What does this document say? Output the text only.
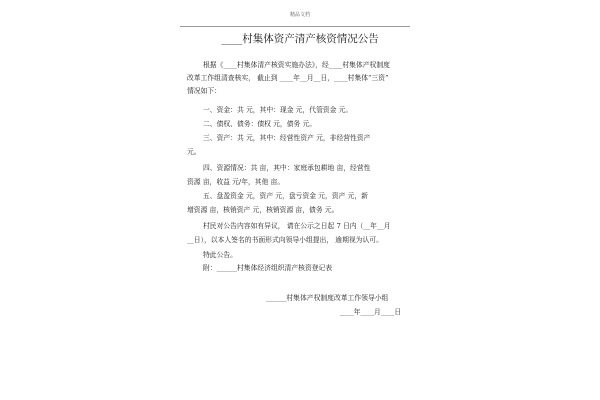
精品文档
____村集体资产清产核资情况公告
根据《____村集体清产核资实施办法》，经____村集体产权制度
改革工作组清查核实， 截止到 ____年__月__日，____村集体“三资”
情况如下：
一、资金：共 元，其中：现金 元，代管资金 元。
二、债权、债务：债权 元，债务 元。
三、资产：共 元，其中：经营性资产 元，非经营性资产
元。
四、资源情况：共 亩，其中：家庭承包耕地 亩，经营性
资源 亩，收益 元/年，其他 亩。
五、盘盈资金 元，资产 元，盘亏资金 元，资产 元，新
增资源 亩，核销资产 元，核销资源 亩，债务 元。
村民对公告内容如有异议， 请在公示之日起 7 日内（__年__月
__日），以本人签名的书面形式向领导小组提出， 逾期视为认可。
特此公告。
附：______村集体经济组织清产核资登记表
______村集体产权制度改革工作领导小组
____年____月____日
